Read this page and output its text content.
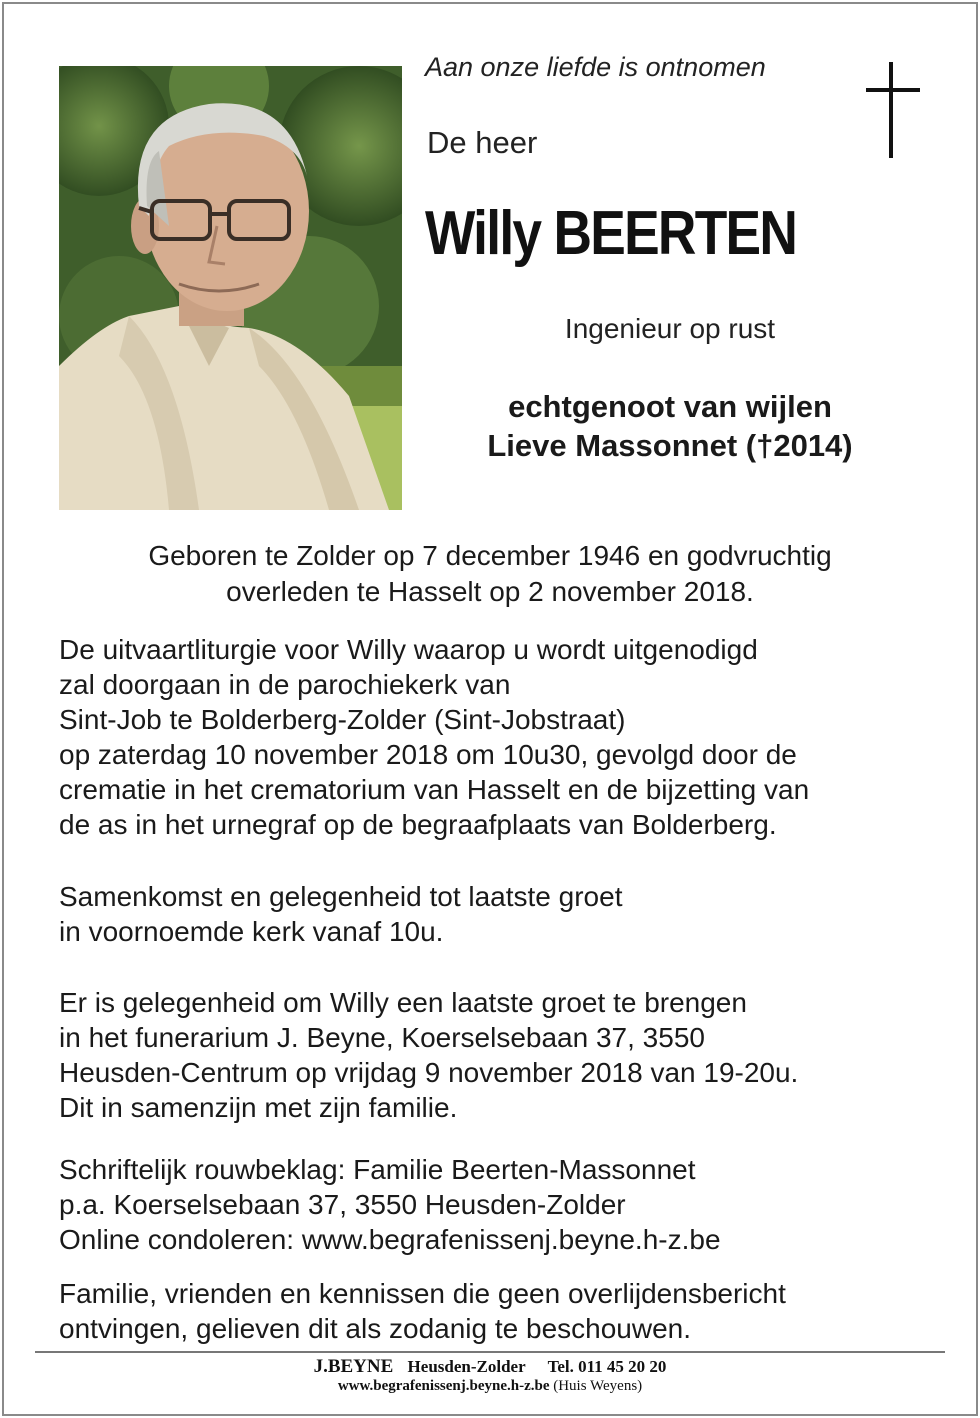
Aan onze liefde is ontnomen
De heer
Willy BEERTEN
Ingenieur op rust
echtgenoot van wijlen
Lieve Massonnet (†2014)
Geboren te Zolder op 7 december 1946 en godvruchtig
overleden te Hasselt op 2 november 2018.
De uitvaartliturgie voor Willy waarop u wordt uitgenodigd
zal doorgaan in de parochiekerk van
Sint-Job te Bolderberg-Zolder (Sint-Jobstraat)
op zaterdag 10 november 2018 om 10u30, gevolgd door de
crematie in het crematorium van Hasselt en de bijzetting van
de as in het urnegraf op de begraafplaats van Bolderberg.
Samenkomst en gelegenheid tot laatste groet
in voornoemde kerk vanaf 10u.
Er is gelegenheid om Willy een laatste groet te brengen
in het funerarium J. Beyne, Koerselsebaan 37, 3550
Heusden-Centrum op vrijdag 9 november 2018 van 19-20u.
Dit in samenzijn met zijn familie.
Schriftelijk rouwbeklag: Familie Beerten-Massonnet
p.a. Koerselsebaan 37, 3550 Heusden-Zolder
Online condoleren: www.begrafenissenj.beyne.h-z.be
Familie, vrienden en kennissen die geen overlijdensbericht
ontvingen, gelieven dit als zodanig te beschouwen.
J.BEYNE Heusden-Zolder Tel. 011 45 20 20
www.begrafenissenj.beyne.h-z.be (Huis Weyens)
